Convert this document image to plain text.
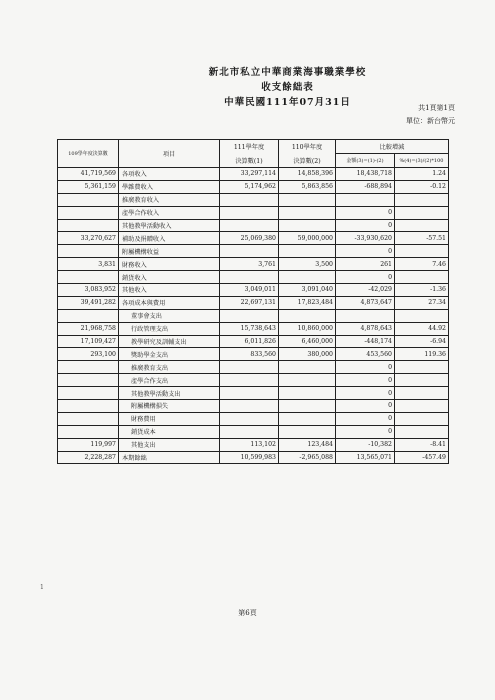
新北市私立中華商業海事職業學校
收支餘絀表
中華民國111年07月31日	共1頁第1頁
單位：新台幣元
109學年度決算數	項目	111學年度	110學年度	比較增減	
		決算數(1)	決算數(2)	金額(3)=(1)-(2)	%(4)=(3)/(2)*100
41,719,569	各項收入	33,297,114	14,858,396	18,438,718	1.24
5,361,159	學雜費收入	5,174,962	5,863,856	-688,894	-0.12
	推廣教育收入				
	產學合作收入			0	
	其他教學活動收入			0	
33,270,627	補助及捐贈收入	25,069,380	59,000,000	-33,930,620	-57.51
	附屬機構收益			0	
3,831	財務收入	3,761	3,500	261	7.46
	銷貨收入			0	
3,083,952	其他收入	3,049,011	3,091,040	-42,029	-1.36
39,491,282	各項成本與費用	22,697,131	17,823,484	4,873,647	27.34
	董事會支出				
21,968,758	行政管理支出	15,738,643	10,860,000	4,878,643	44.92
17,109,427	教學研究及訓輔支出	6,011,826	6,460,000	-448,174	-6.94
293,100	獎助學金支出	833,560	380,000	453,560	119.36
	推廣教育支出			0	
	產學合作支出			0	
	其他教學活動支出			0	
	附屬機構損失			0	
	財務費用			0	
	銷貨成本			0	
119,997	其他支出	113,102	123,484	-10,382	-8.41
2,228,287	本期餘絀	10,599,983	-2,965,088	13,565,071	-457.49
1
第6頁
